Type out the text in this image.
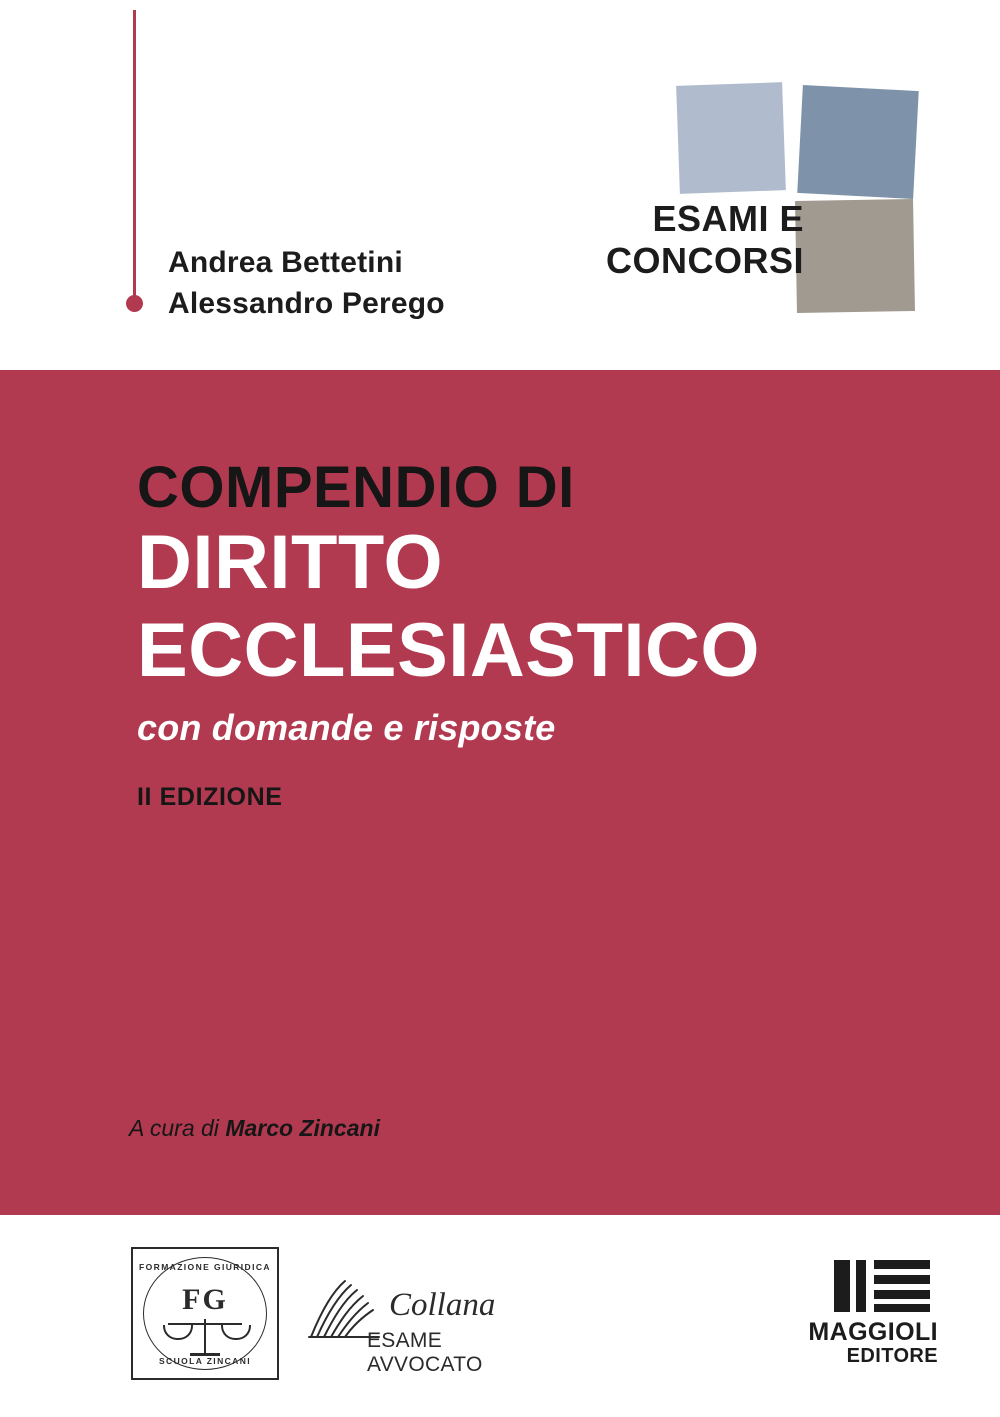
Andrea Bettetini
Alessandro Perego
ESAMI E
CONCORSI
COMPENDIO DI
DIRITTO
ECCLESIASTICO
con domande e risposte
II EDIZIONE
A cura di Marco Zincani
FORMAZIONE GIURIDICA
FG
SCUOLA ZINCANI
Collana
ESAME AVVOCATO
MAGGIOLI
EDITORE
